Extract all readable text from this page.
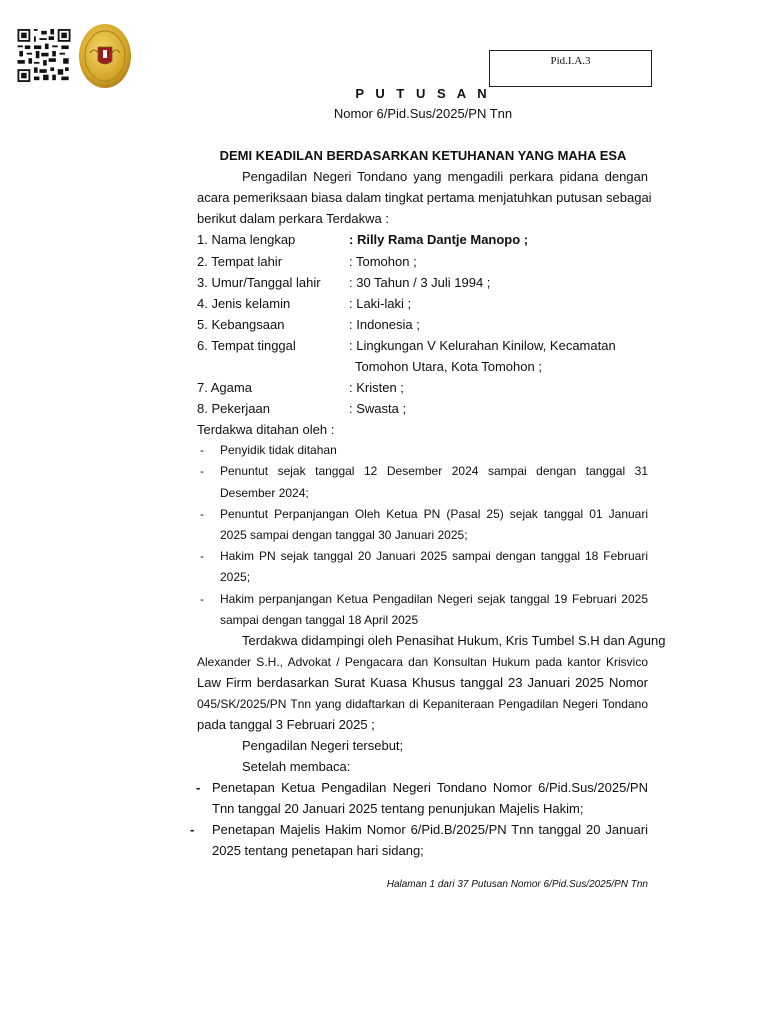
Pid.I.A.3
P U T U S A N
Nomor 6/Pid.Sus/2025/PN Tnn
DEMI KEADILAN BERDASARKAN KETUHANAN YANG MAHA ESA
Pengadilan Negeri Tondano yang mengadili perkara pidana dengan
acara pemeriksaan biasa dalam tingkat pertama menjatuhkan putusan sebagai
berikut dalam perkara Terdakwa :
1. Nama lengkap	: Rilly Rama Dantje Manopo ;
2. Tempat lahir	: Tomohon ;
3. Umur/Tanggal lahir : 30 Tahun / 3 Juli 1994 ;
4. Jenis kelamin	: Laki-laki ;
5. Kebangsaan	: Indonesia ;
6. Tempat tinggal	: Lingkungan V Kelurahan Kinilow, Kecamatan
Tomohon Utara, Kota Tomohon ;
7. Agama	: Kristen ;
8. Pekerjaan	: Swasta ;
Terdakwa ditahan oleh :
- Penyidik tidak ditahan
- Penuntut sejak tanggal 12 Desember 2024 sampai dengan tanggal 31
Desember 2024;
- Penuntut Perpanjangan Oleh Ketua PN (Pasal 25) sejak tanggal 01 Januari
2025 sampai dengan tanggal 30 Januari 2025;
- Hakim PN sejak tanggal 20 Januari 2025 sampai dengan tanggal 18 Februari
2025;
- Hakim perpanjangan Ketua Pengadilan Negeri sejak tanggal 19 Februari 2025
sampai dengan tanggal 18 April 2025
Terdakwa didampingi oleh Penasihat Hukum, Kris Tumbel S.H dan Agung
Alexander S.H., Advokat / Pengacara dan Konsultan Hukum pada kantor Krisvico
Law Firm berdasarkan Surat Kuasa Khusus tanggal 23 Januari 2025 Nomor
045/SK/2025/PN Tnn yang didaftarkan di Kepaniteraan Pengadilan Negeri Tondano
pada tanggal 3 Februari 2025 ;
Pengadilan Negeri tersebut;
Setelah membaca:
- Penetapan Ketua Pengadilan Negeri Tondano Nomor 6/Pid.Sus/2025/PN
Tnn tanggal 20 Januari 2025 tentang penunjukan Majelis Hakim;
- Penetapan Majelis Hakim Nomor 6/Pid.B/2025/PN Tnn tanggal 20 Januari
2025 tentang penetapan hari sidang;
Halaman 1 dari 37 Putusan Nomor 6/Pid.Sus/2025/PN Tnn
